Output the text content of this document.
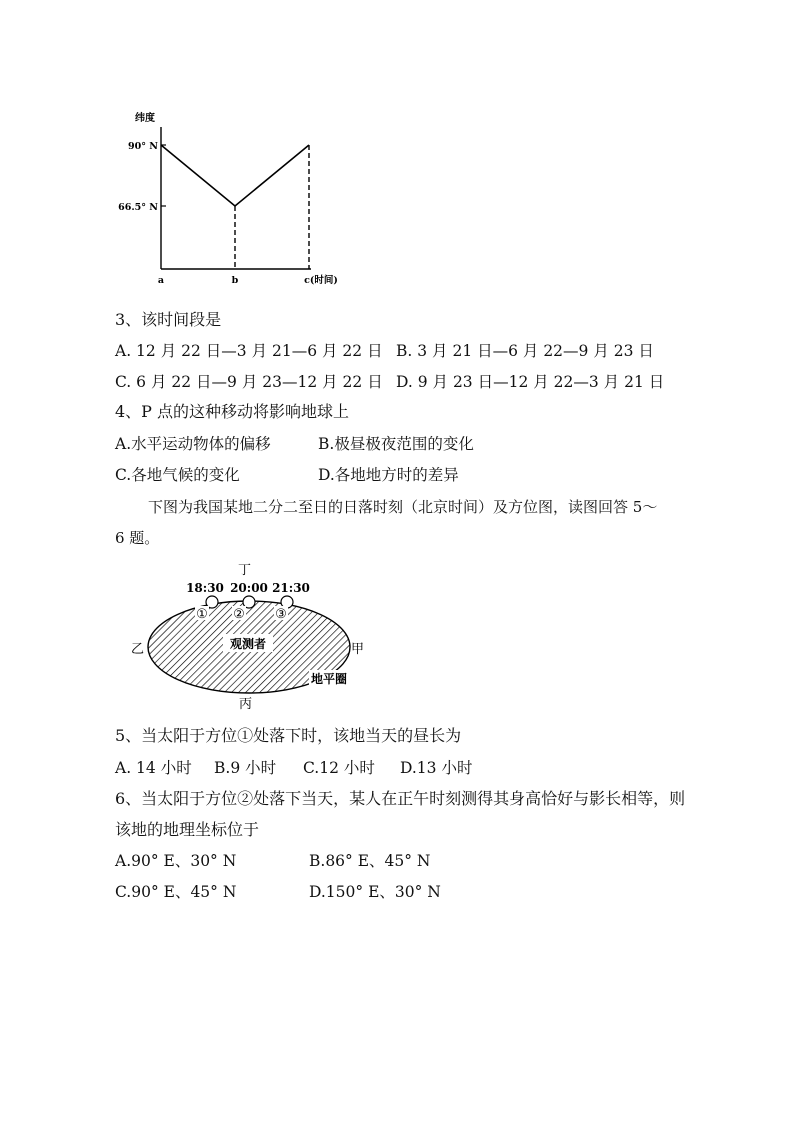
纬度
90° N
66.5° N
a	b	c(时间)
3、该时间段是
A. 12 月 22 日—3 月 21—6 月 22 日 B. 3 月 21 日—6 月 22—9 月 23 日
C. 6 月 22 日—9 月 23—12 月 22 日 D. 9 月 23 日—12 月 22—3 月 21 日
4、P 点的这种移动将影响地球上
A.水平运动物体的偏移	B.极昼极夜范围的变化
C.各地气候的变化	D.各地地方时的差异
下图为我国某地二分二至日的日落时刻（北京时间）及方位图，读图回答 5～
6 题。
观测者
① ② ③
18:30 20:00 21:30
丁
乙	甲
地平圈
丙
5、当太阳于方位①处落下时，该地当天的昼长为
A. 14 小时 B.9 小时 C.12 小时 D.13 小时
6、当太阳于方位②处落下当天，某人在正午时刻测得其身高恰好与影长相等，则
该地的地理坐标位于
A.90° E、30° N	B.86° E、45° N
C.90° E、45° N	D.150° E、30° N
